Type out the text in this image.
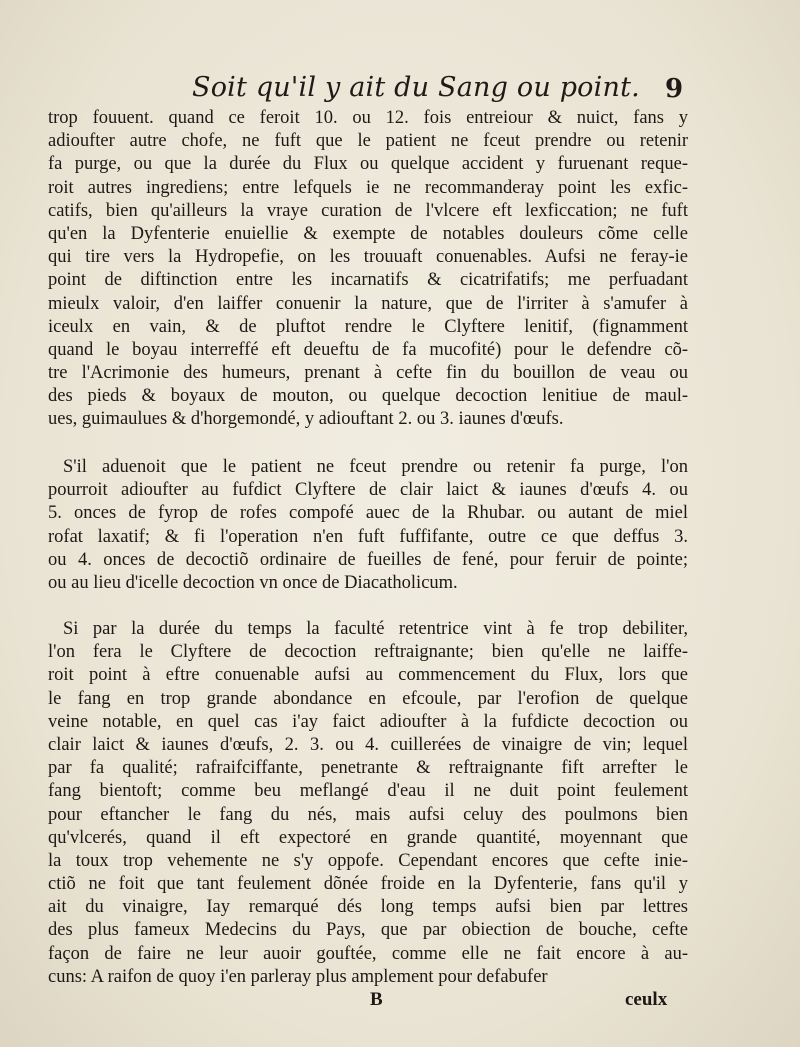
Soit qu'il y ait du Sang ou point. 9
trop fouuent. quand ce feroit 10. ou 12. fois entreiour & nuict, fans y
adioufter autre chofe, ne fuft que le patient ne fceut prendre ou retenir
fa purge, ou que la durée du Flux ou quelque accident y furuenant reque-
roit autres ingrediens; entre lefquels ie ne recommanderay point les exfic-
catifs, bien qu'ailleurs la vraye curation de l'vlcere eft lexficcation; ne fuft
qu'en la Dyfenterie enuiellie & exempte de notables douleurs cõme celle
qui tire vers la Hydropefie, on les trouuaft conuenables. Aufsi ne feray-ie
point de diftinction entre les incarnatifs & cicatrifatifs; me perfuadant
mieulx valoir, d'en laiffer conuenir la nature, que de l'irriter à s'amufer à
iceulx en vain, & de pluftot rendre le Clyftere lenitif, (fignamment
quand le boyau interreffé eft deueftu de fa mucofité) pour le defendre cõ-
tre l'Acrimonie des humeurs, prenant à cefte fin du bouillon de veau ou
des pieds & boyaux de mouton, ou quelque decoction lenitiue de maul-
ues, guimaulues & d'horgemondé, y adiouftant 2. ou 3. iaunes d'œufs.
S'il aduenoit que le patient ne fceut prendre ou retenir fa purge, l'on
pourroit adioufter au fufdict Clyftere de clair laict & iaunes d'œufs 4. ou
5. onces de fyrop de rofes compofé auec de la Rhubar. ou autant de miel
rofat laxatif; & fi l'operation n'en fuft fuffifante, outre ce que deffus 3.
ou 4. onces de decoctiõ ordinaire de fueilles de fené, pour feruir de pointe;
ou au lieu d'icelle decoction vn once de Diacatholicum.
Si par la durée du temps la faculté retentrice vint à fe trop debiliter,
l'on fera le Clyftere de decoction reftraignante; bien qu'elle ne laiffe-
roit point à eftre conuenable aufsi au commencement du Flux, lors que
le fang en trop grande abondance en efcoule, par l'erofion de quelque
veine notable, en quel cas i'ay faict adioufter à la fufdicte decoction ou
clair laict & iaunes d'œufs, 2. 3. ou 4. cuillerées de vinaigre de vin; lequel
par fa qualité; rafraifciffante, penetrante & reftraignante fift arrefter le
fang bientoft; comme beu meflangé d'eau il ne duit point feulement
pour eftancher le fang du nés, mais aufsi celuy des poulmons bien
qu'vlcerés, quand il eft expectoré en grande quantité, moyennant que
la toux trop vehemente ne s'y oppofe. Cependant encores que cefte inie-
ctiõ ne foit que tant feulement dõnée froide en la Dyfenterie, fans qu'il y
ait du vinaigre, Iay remarqué dés long temps aufsi bien par lettres
des plus fameux Medecins du Pays, que par obiection de bouche, cefte
façon de faire ne leur auoir gouftée, comme elle ne fait encore à au-
cuns: A raifon de quoy i'en parleray plus amplement pour defabufer
B	ceulx
